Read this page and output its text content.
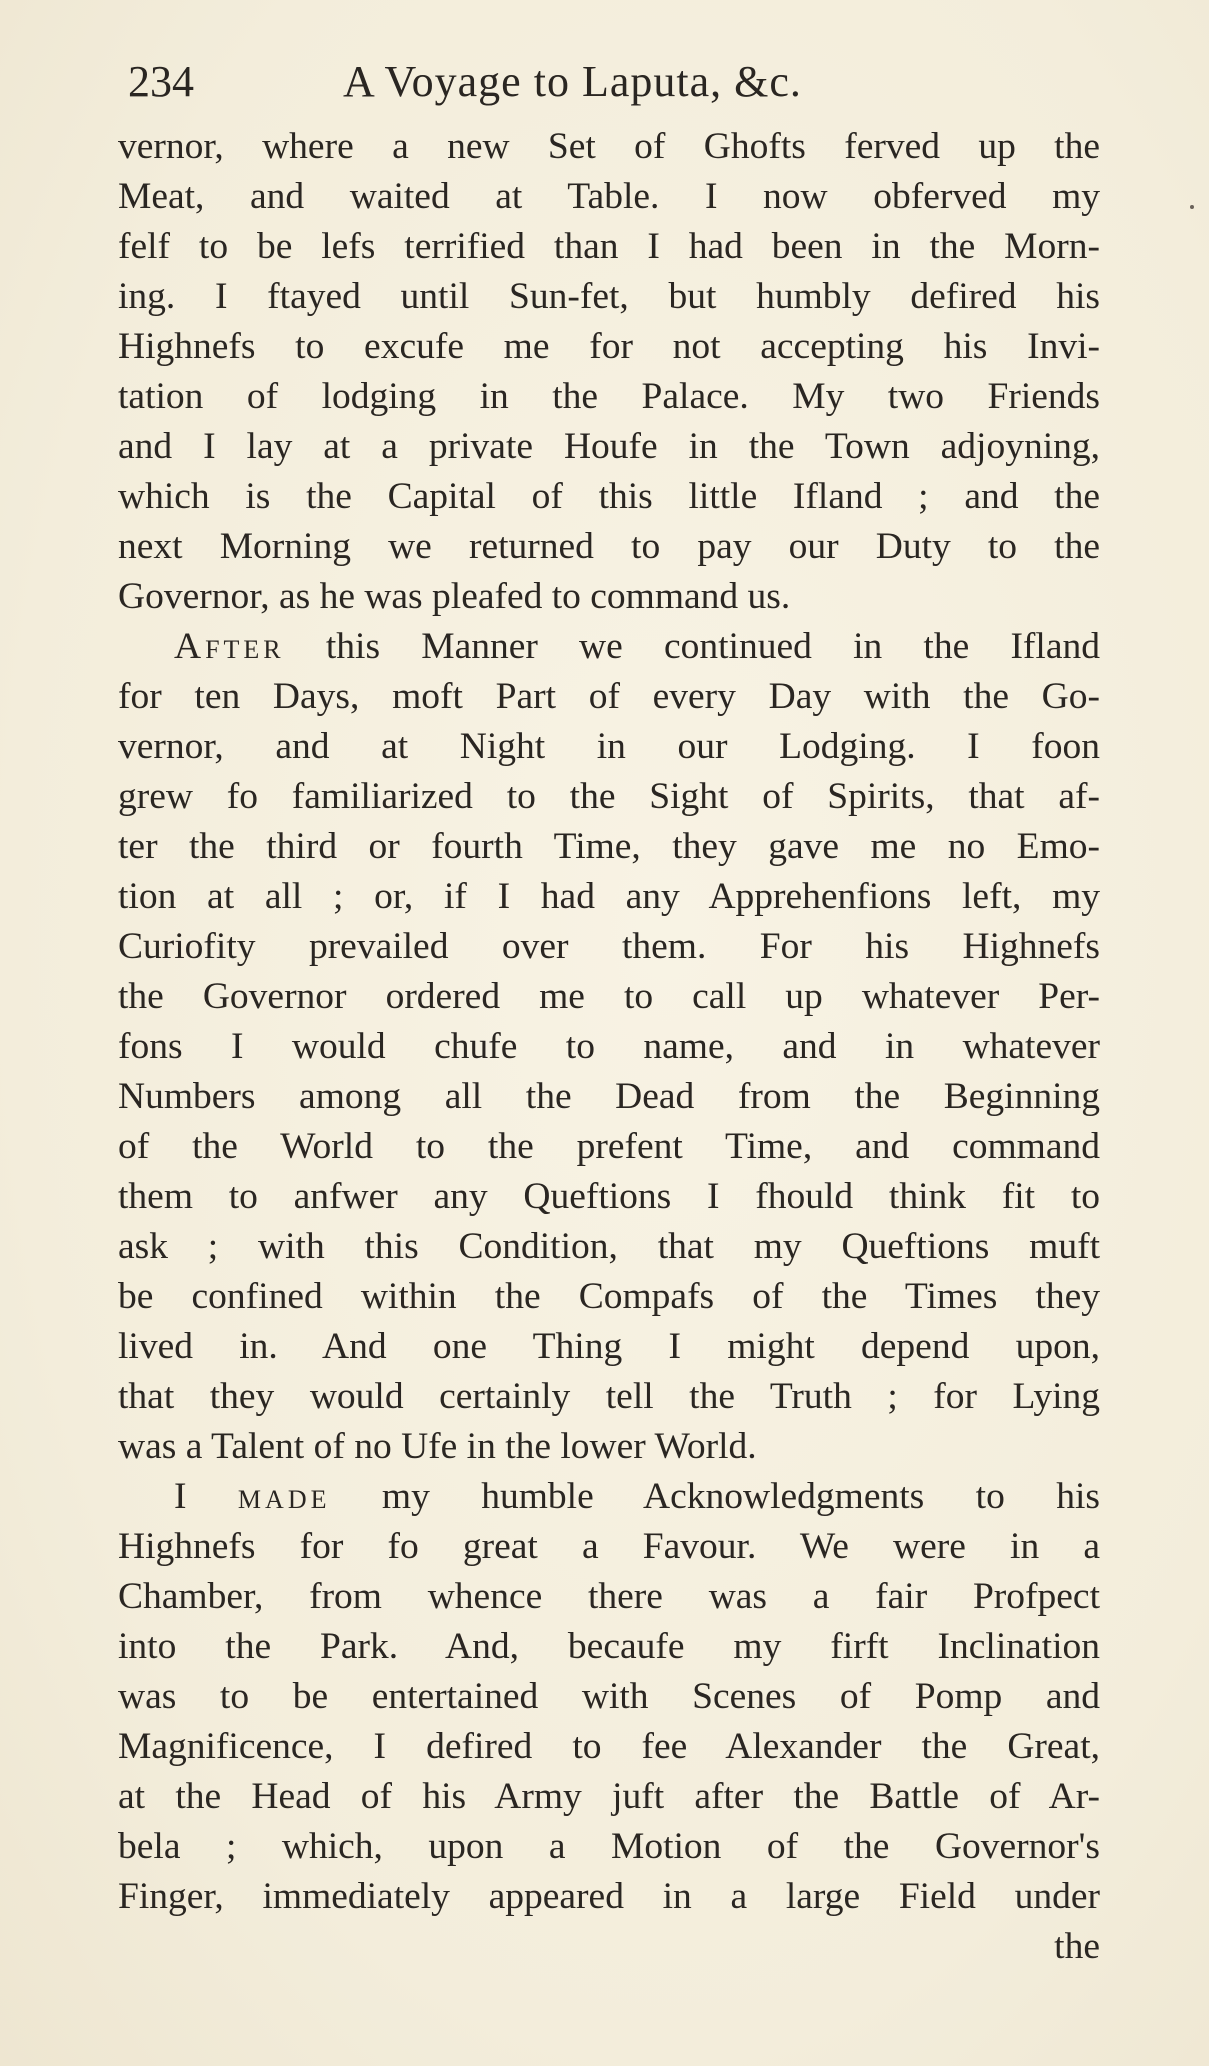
234	A Voyage to Laputa, &c.
vernor, where a new Set of Ghofts ferved up the
Meat, and waited at Table. I now obferved my
felf to be lefs terrified than I had been in the Morn-
ing. I ftayed until Sun-fet, but humbly defired his
Highnefs to excufe me for not accepting his Invi-
tation of lodging in the Palace. My two Friends
and I lay at a private Houfe in the Town adjoyning,
which is the Capital of this little Ifland ; and the
next Morning we returned to pay our Duty to the
Governor, as he was pleafed to command us.
After this Manner we continued in the Ifland
for ten Days, moft Part of every Day with the Go-
vernor, and at Night in our Lodging. I foon
grew fo familiarized to the Sight of Spirits, that af-
ter the third or fourth Time, they gave me no Emo-
tion at all ; or, if I had any Apprehenfions left, my
Curiofity prevailed over them. For his Highnefs
the Governor ordered me to call up whatever Per-
fons I would chufe to name, and in whatever
Numbers among all the Dead from the Beginning
of the World to the prefent Time, and command
them to anfwer any Queftions I fhould think fit to
ask ; with this Condition, that my Queftions muft
be confined within the Compafs of the Times they
lived in. And one Thing I might depend upon,
that they would certainly tell the Truth ; for Lying
was a Talent of no Ufe in the lower World.
I made my humble Acknowledgments to his
Highnefs for fo great a Favour. We were in a
Chamber, from whence there was a fair Profpect
into the Park. And, becaufe my firft Inclination
was to be entertained with Scenes of Pomp and
Magnificence, I defired to fee Alexander the Great,
at the Head of his Army juft after the Battle of Ar-
bela ; which, upon a Motion of the Governor's
Finger, immediately appeared in a large Field under
the
